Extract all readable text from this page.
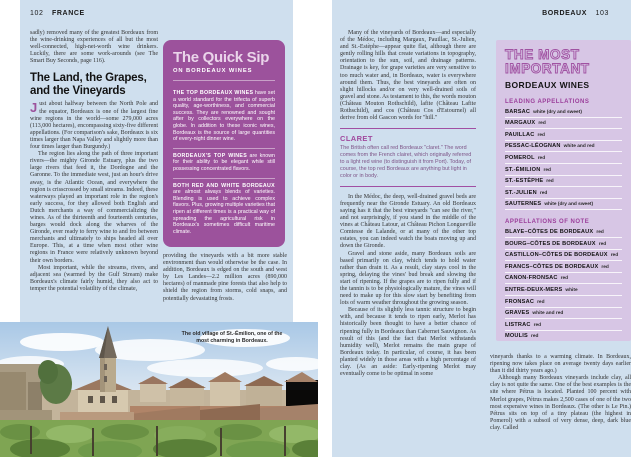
102 FRANCE	BORDEAUX 103

sadly) removed many of the greatest Bordeaux from the wine-drinking experiences of all but the most well-connected, high-net-worth wine drinkers. Luckily, there are some work-arounds (see The Smart Buy Seconds, page 116).

The Land, the Grapes,
and the Vineyards

Just about halfway between the North Pole and the equator, Bordeaux is one of the largest fine wine regions in the world—some 279,000 acres (113,000 hectares), encompassing sixty-five different appellations. (For comparison's sake, Bordeaux is six times larger than Napa Valley and slightly more than four times larger than Burgundy.)

The region lies along the path of three important rivers—the mighty Gironde Estuary, plus the two large rivers that feed it, the Dordogne and the Garonne. To the immediate west, just an hour's drive away, is the Atlantic Ocean, and everywhere the region is crisscrossed by small streams. Indeed, these waterways played an important role in the region's early success, for they allowed both English and Dutch merchants a way of commercializing the wines. As of the thirteenth and fourteenth centuries, barges would dock along the wharves of the Gironde, ever ready to ferry wine to and fro between merchants and ultimately to ships headed all over Europe. This, at a time when most other wine regions in France were relatively unknown beyond their own borders.

Most important, while the streams, rivers, and adjacent sea (warmed by the Gulf Stream) make Bordeaux's climate fairly humid, they also act to temper the potential volatility of the climate,

The Quick Sip
ON BORDEAUX WINES

THE TOP BORDEAUX WINES have set a world standard for the trifecta of superb quality, age-worthiness, and commercial success. They are renowned and sought after by collectors everywhere on the globe. In addition to these iconic wines, Bordeaux is the source of large quantities of every-night dinner wine.

BORDEAUX'S TOP WINES are known for their ability to be elegant while still possessing concentrated flavors.

BOTH RED AND WHITE BORDEAUX are almost always blends of varieties. Blending is used to achieve complex flavors. Plus, growing multiple varieties that ripen at different times is a practical way of spreading the agricultural risk in Bordeaux's sometimes difficult maritime climate.

providing the vineyards with a bit more stable environment than would otherwise be the case. In addition, Bordeaux is edged on the south and west by Les Landes—2.2 million acres (890,000 hectares) of manmade pine forests that also help to shield the region from storms, cold snaps, and potentially devastating frosts.

The old village of St.-Émilion, one of the most charming in Bordeaux.

Many of the vineyards of Bordeaux—and especially of the Médoc, including Margaux, Pauillac, St.-Julien, and St.-Estèphe—appear quite flat, although there are gently rolling hills that create variations in topography, orientation to the sun, soil, and drainage patterns. Drainage is key, for grape varieties are very sensitive to too much water and, in Bordeaux, water is everywhere around them. Thus, the best vineyards are often on slight hillocks and/or on very well-drained soils of gravel and stone. As testament to this, the words mouton (Château Mouton Rothschild), lafite (Château Lafite Rothschild), and cos (Château Cos d'Estournel) all derive from old Gascon words for "hill."

CLARET
The British often call red Bordeaux "claret." The word comes from the French clairet, which originally referred to a light red wine (to distinguish it from Port). Today, of course, the top red Bordeaux are anything but light in color or in body.

In the Médoc, the deep, well-drained gravel beds are frequently near the Gironde Estuary. An old Bordeaux saying has it that the best vineyards "can see the river," and not surprisingly, if you stand in the middle of the vines at Château Latour, at Château Pichon Longueville Comtesse de Lalande, or at many of the other top estates, you can indeed watch the boats moving up and down the Gironde.

Gravel and stone aside, many Bordeaux soils are based primarily on clay, which tends to hold water rather than drain it. As a result, clay stays cool in the spring, delaying the vines' bud break and slowing the start of ripening. If the grapes are to ripen fully and if the tannin is to be physiologically mature, the vines will need to make up for this slow start by benefiting from lots of warm weather throughout the growing season.

Because of its slightly less tannic structure to begin with, and because it tends to ripen early, Merlot has historically been thought to have a better chance of ripening fully in Bordeaux than Cabernet Sauvignon. As result of this (and the fact that Merlot withstands humidity well), Merlot remains the main grape of Bordeaux today. In particular, of course, it has been planted widely in those areas with a high percentage of clay. (As an aside: Early-ripening Merlot may eventually come to be optimal in some

THE MOST
IMPORTANT
BORDEAUX WINES
LEADING APPELLATIONS
BARSAC white (dry and sweet)
MARGAUX red
PAUILLAC red
PESSAC-LÉOGNAN white and red
POMEROL red
ST.-ÉMILION red
ST.-ESTÈPHE red
ST.-JULIEN red
SAUTERNES white (dry and sweet)
APPELLATIONS OF NOTE
BLAYE–CÔTES DE BORDEAUX red
BOURG–CÔTES DE BORDEAUX red
CASTILLON–CÔTES DE BORDEAUX red
FRANCS–CÔTES DE BORDEAUX red
CANON-FRONSAC red
ENTRE-DEUX-MERS white
FRONSAC red
GRAVES white and red
LISTRAC red
MOULIS red

vineyards thanks to a warming climate. In Bordeaux, ripening now takes place on average twenty days earlier than it did thirty years ago.)

Although many Bordeaux vineyards include clay, all clay is not quite the same. One of the best examples is the site where Pétrus is located. Planted 100 percent with Merlot grapes, Pétrus makes 2,500 cases of one of the two most expensive wines in Bordeaux. (The other is Le Pin.) Pétrus sits on top of a tiny plateau (the highest in Pomerol) with a subsoil of very dense, deep, dark blue clay. Called
